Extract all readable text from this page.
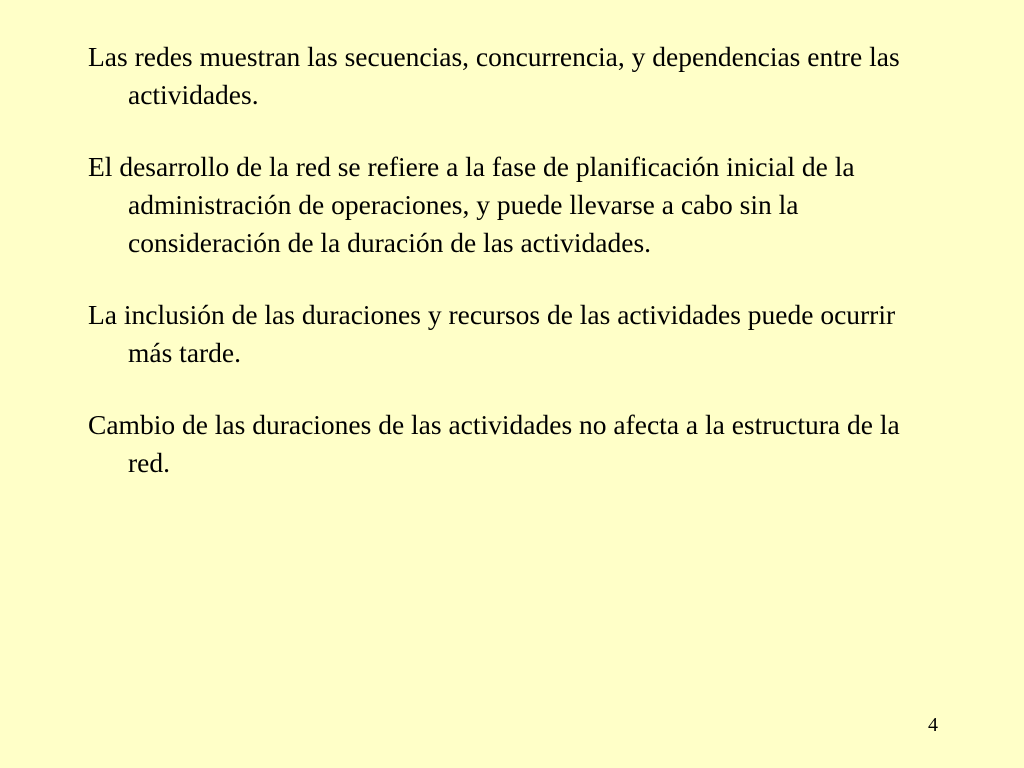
Las redes muestran las secuencias, concurrencia, y dependencias entre las actividades.

El desarrollo de la red se refiere a la fase de planificación inicial de la administración de operaciones, y puede llevarse a cabo sin la consideración de la duración de las actividades.

La inclusión de las duraciones y recursos de las actividades puede ocurrir más tarde.

Cambio de las duraciones de las actividades no afecta a la estructura de la red.

4
